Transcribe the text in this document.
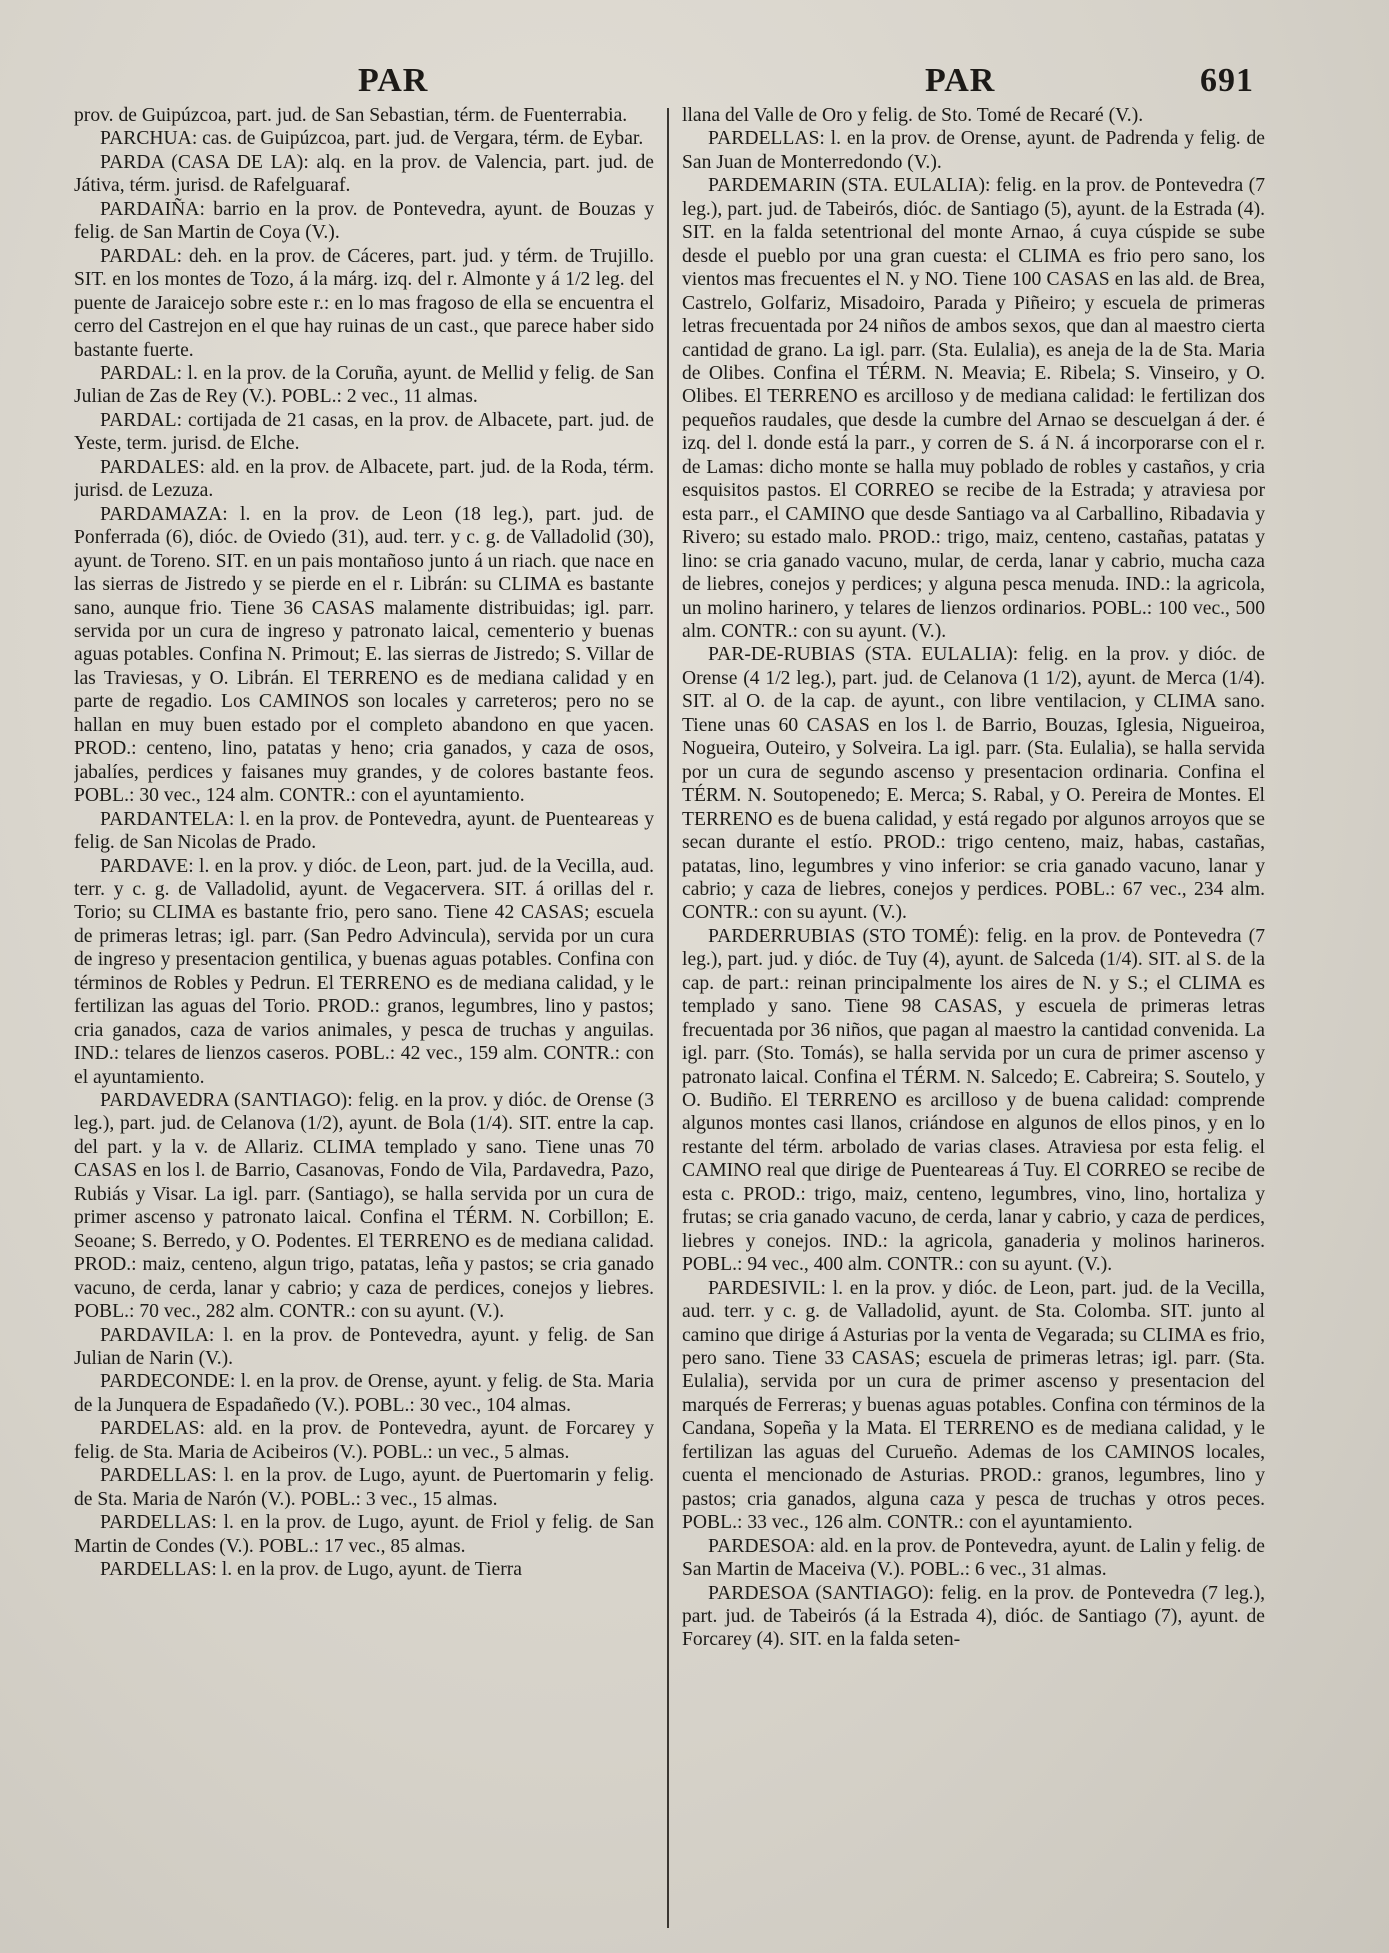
PAR	PAR	691

prov. de Guipúzcoa, part. jud. de San Sebastian, térm. de Fuenterrabia.

PARCHUA: cas. de Guipúzcoa, part. jud. de Vergara, térm. de Eybar.

PARDA (CASA DE LA): alq. en la prov. de Valencia, part. jud. de Játiva, térm. jurisd. de Rafelguaraf.

PARDAIÑA: barrio en la prov. de Pontevedra, ayunt. de Bouzas y felig. de San Martin de Coya (V.).

PARDAL: deh. en la prov. de Cáceres, part. jud. y térm. de Trujillo. SIT. en los montes de Tozo, á la márg. izq. del r. Almonte y á 1/2 leg. del puente de Jaraicejo sobre este r.: en lo mas fragoso de ella se encuentra el cerro del Castrejon en el que hay ruinas de un cast., que parece haber sido bastante fuerte.

PARDAL: l. en la prov. de la Coruña, ayunt. de Mellid y felig. de San Julian de Zas de Rey (V.). POBL.: 2 vec., 11 almas.

PARDAL: cortijada de 21 casas, en la prov. de Albacete, part. jud. de Yeste, term. jurisd. de Elche.

PARDALES: ald. en la prov. de Albacete, part. jud. de la Roda, térm. jurisd. de Lezuza.

PARDAMAZA: l. en la prov. de Leon (18 leg.), part. jud. de Ponferrada (6), dióc. de Oviedo (31), aud. terr. y c. g. de Valladolid (30), ayunt. de Toreno. SIT. en un pais montañoso junto á un riach. que nace en las sierras de Jistredo y se pierde en el r. Librán: su CLIMA es bastante sano, aunque frio. Tiene 36 CASAS malamente distribuidas; igl. parr. servida por un cura de ingreso y patronato laical, cementerio y buenas aguas potables. Confina N. Primout; E. las sierras de Jistredo; S. Villar de las Traviesas, y O. Librán. El TERRENO es de mediana calidad y en parte de regadio. Los CAMINOS son locales y carreteros; pero no se hallan en muy buen estado por el completo abandono en que yacen. PROD.: centeno, lino, patatas y heno; cria ganados, y caza de osos, jabalíes, perdices y faisanes muy grandes, y de colores bastante feos. POBL.: 30 vec., 124 alm. CONTR.: con el ayuntamiento.

PARDANTELA: l. en la prov. de Pontevedra, ayunt. de Puenteareas y felig. de San Nicolas de Prado.

PARDAVE: l. en la prov. y dióc. de Leon, part. jud. de la Vecilla, aud. terr. y c. g. de Valladolid, ayunt. de Vegacervera. SIT. á orillas del r. Torio; su CLIMA es bastante frio, pero sano. Tiene 42 CASAS; escuela de primeras letras; igl. parr. (San Pedro Advincula), servida por un cura de ingreso y presentacion gentilica, y buenas aguas potables. Confina con términos de Robles y Pedrun. El TERRENO es de mediana calidad, y le fertilizan las aguas del Torio. PROD.: granos, legumbres, lino y pastos; cria ganados, caza de varios animales, y pesca de truchas y anguilas. IND.: telares de lienzos caseros. POBL.: 42 vec., 159 alm. CONTR.: con el ayuntamiento.

PARDAVEDRA (SANTIAGO): felig. en la prov. y dióc. de Orense (3 leg.), part. jud. de Celanova (1/2), ayunt. de Bola (1/4). SIT. entre la cap. del part. y la v. de Allariz. CLIMA templado y sano. Tiene unas 70 CASAS en los l. de Barrio, Casanovas, Fondo de Vila, Pardavedra, Pazo, Rubiás y Visar. La igl. parr. (Santiago), se halla servida por un cura de primer ascenso y patronato laical. Confina el TÉRM. N. Corbillon; E. Seoane; S. Berredo, y O. Podentes. El TERRENO es de mediana calidad. PROD.: maiz, centeno, algun trigo, patatas, leña y pastos; se cria ganado vacuno, de cerda, lanar y cabrio; y caza de perdices, conejos y liebres. POBL.: 70 vec., 282 alm. CONTR.: con su ayunt. (V.).

PARDAVILA: l. en la prov. de Pontevedra, ayunt. y felig. de San Julian de Narin (V.).

PARDECONDE: l. en la prov. de Orense, ayunt. y felig. de Sta. Maria de la Junquera de Espadañedo (V.). POBL.: 30 vec., 104 almas.

PARDELAS: ald. en la prov. de Pontevedra, ayunt. de Forcarey y felig. de Sta. Maria de Acibeiros (V.). POBL.: un vec., 5 almas.

PARDELLAS: l. en la prov. de Lugo, ayunt. de Puertomarin y felig. de Sta. Maria de Narón (V.). POBL.: 3 vec., 15 almas.

PARDELLAS: l. en la prov. de Lugo, ayunt. de Friol y felig. de San Martin de Condes (V.). POBL.: 17 vec., 85 almas.

PARDELLAS: l. en la prov. de Lugo, ayunt. de Tierra

llana del Valle de Oro y felig. de Sto. Tomé de Recaré (V.).

PARDELLAS: l. en la prov. de Orense, ayunt. de Padrenda y felig. de San Juan de Monterredondo (V.).

PARDEMARIN (STA. EULALIA): felig. en la prov. de Pontevedra (7 leg.), part. jud. de Tabeirós, dióc. de Santiago (5), ayunt. de la Estrada (4). SIT. en la falda setentrional del monte Arnao, á cuya cúspide se sube desde el pueblo por una gran cuesta: el CLIMA es frio pero sano, los vientos mas frecuentes el N. y NO. Tiene 100 CASAS en las ald. de Brea, Castrelo, Golfariz, Misadoiro, Parada y Piñeiro; y escuela de primeras letras frecuentada por 24 niños de ambos sexos, que dan al maestro cierta cantidad de grano. La igl. parr. (Sta. Eulalia), es aneja de la de Sta. Maria de Olibes. Confina el TÉRM. N. Meavia; E. Ribela; S. Vinseiro, y O. Olibes. El TERRENO es arcilloso y de mediana calidad: le fertilizan dos pequeños raudales, que desde la cumbre del Arnao se descuelgan á der. é izq. del l. donde está la parr., y corren de S. á N. á incorporarse con el r. de Lamas: dicho monte se halla muy poblado de robles y castaños, y cria esquisitos pastos. El CORREO se recibe de la Estrada; y atraviesa por esta parr., el CAMINO que desde Santiago va al Carballino, Ribadavia y Rivero; su estado malo. PROD.: trigo, maiz, centeno, castañas, patatas y lino: se cria ganado vacuno, mular, de cerda, lanar y cabrio, mucha caza de liebres, conejos y perdices; y alguna pesca menuda. IND.: la agricola, un molino harinero, y telares de lienzos ordinarios. POBL.: 100 vec., 500 alm. CONTR.: con su ayunt. (V.).

PAR-DE-RUBIAS (STA. EULALIA): felig. en la prov. y dióc. de Orense (4 1/2 leg.), part. jud. de Celanova (1 1/2), ayunt. de Merca (1/4). SIT. al O. de la cap. de ayunt., con libre ventilacion, y CLIMA sano. Tiene unas 60 CASAS en los l. de Barrio, Bouzas, Iglesia, Nigueiroa, Nogueira, Outeiro, y Solveira. La igl. parr. (Sta. Eulalia), se halla servida por un cura de segundo ascenso y presentacion ordinaria. Confina el TÉRM. N. Soutopenedo; E. Merca; S. Rabal, y O. Pereira de Montes. El TERRENO es de buena calidad, y está regado por algunos arroyos que se secan durante el estío. PROD.: trigo centeno, maiz, habas, castañas, patatas, lino, legumbres y vino inferior: se cria ganado vacuno, lanar y cabrio; y caza de liebres, conejos y perdices. POBL.: 67 vec., 234 alm. CONTR.: con su ayunt. (V.).

PARDERRUBIAS (STO TOMÉ): felig. en la prov. de Pontevedra (7 leg.), part. jud. y dióc. de Tuy (4), ayunt. de Salceda (1/4). SIT. al S. de la cap. de part.: reinan principalmente los aires de N. y S.; el CLIMA es templado y sano. Tiene 98 CASAS, y escuela de primeras letras frecuentada por 36 niños, que pagan al maestro la cantidad convenida. La igl. parr. (Sto. Tomás), se halla servida por un cura de primer ascenso y patronato laical. Confina el TÉRM. N. Salcedo; E. Cabreira; S. Soutelo, y O. Budiño. El TERRENO es arcilloso y de buena calidad: comprende algunos montes casi llanos, criándose en algunos de ellos pinos, y en lo restante del térm. arbolado de varias clases. Atraviesa por esta felig. el CAMINO real que dirige de Puenteareas á Tuy. El CORREO se recibe de esta c. PROD.: trigo, maiz, centeno, legumbres, vino, lino, hortaliza y frutas; se cria ganado vacuno, de cerda, lanar y cabrio, y caza de perdices, liebres y conejos. IND.: la agricola, ganaderia y molinos harineros. POBL.: 94 vec., 400 alm. CONTR.: con su ayunt. (V.).

PARDESIVIL: l. en la prov. y dióc. de Leon, part. jud. de la Vecilla, aud. terr. y c. g. de Valladolid, ayunt. de Sta. Colomba. SIT. junto al camino que dirige á Asturias por la venta de Vegarada; su CLIMA es frio, pero sano. Tiene 33 CASAS; escuela de primeras letras; igl. parr. (Sta. Eulalia), servida por un cura de primer ascenso y presentacion del marqués de Ferreras; y buenas aguas potables. Confina con términos de la Candana, Sopeña y la Mata. El TERRENO es de mediana calidad, y le fertilizan las aguas del Curueño. Ademas de los CAMINOS locales, cuenta el mencionado de Asturias. PROD.: granos, legumbres, lino y pastos; cria ganados, alguna caza y pesca de truchas y otros peces. POBL.: 33 vec., 126 alm. CONTR.: con el ayuntamiento.

PARDESOA: ald. en la prov. de Pontevedra, ayunt. de Lalin y felig. de San Martin de Maceiva (V.). POBL.: 6 vec., 31 almas.

PARDESOA (SANTIAGO): felig. en la prov. de Pontevedra (7 leg.), part. jud. de Tabeirós (á la Estrada 4), dióc. de Santiago (7), ayunt. de Forcarey (4). SIT. en la falda seten-
